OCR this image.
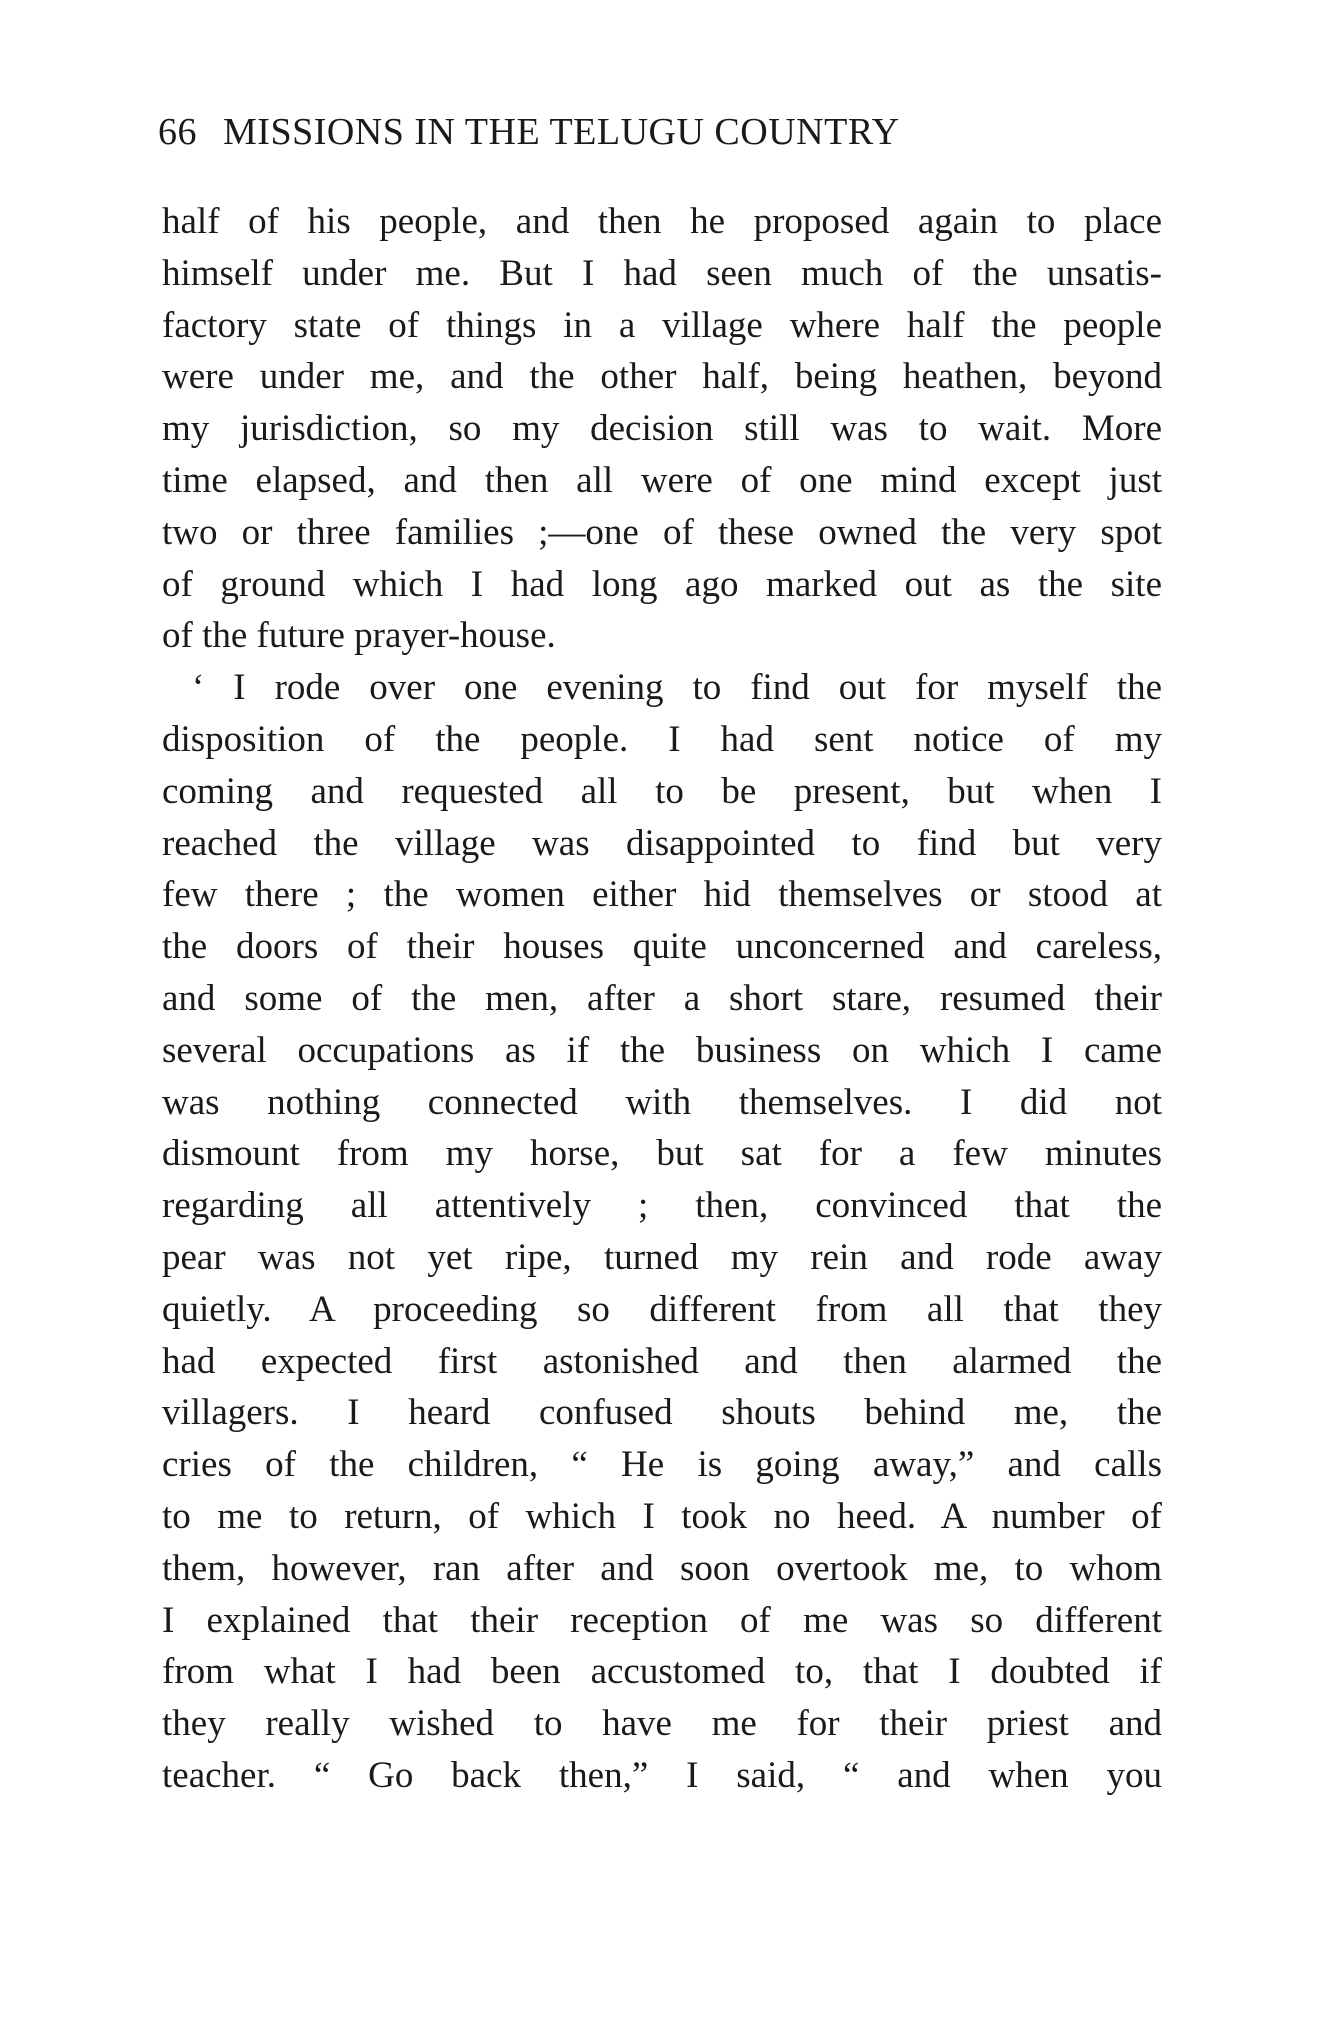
66 MISSIONS IN THE TELUGU COUNTRY
half of his people, and then he proposed again to place
himself under me. But I had seen much of the unsatis-
factory state of things in a village where half the people
were under me, and the other half, being heathen, beyond
my jurisdiction, so my decision still was to wait. More
time elapsed, and then all were of one mind except just
two or three families ;—one of these owned the very spot
of ground which I had long ago marked out as the site
of the future prayer-house.
‘ I rode over one evening to find out for myself the
disposition of the people. I had sent notice of my
coming and requested all to be present, but when I
reached the village was disappointed to find but very
few there ; the women either hid themselves or stood at
the doors of their houses quite unconcerned and careless,
and some of the men, after a short stare, resumed their
several occupations as if the business on which I came
was nothing connected with themselves. I did not
dismount from my horse, but sat for a few minutes
regarding all attentively ; then, convinced that the
pear was not yet ripe, turned my rein and rode away
quietly. A proceeding so different from all that they
had expected first astonished and then alarmed the
villagers. I heard confused shouts behind me, the
cries of the children, “ He is going away,” and calls
to me to return, of which I took no heed. A number of
them, however, ran after and soon overtook me, to whom
I explained that their reception of me was so different
from what I had been accustomed to, that I doubted if
they really wished to have me for their priest and
teacher. “ Go back then,” I said, “ and when you
